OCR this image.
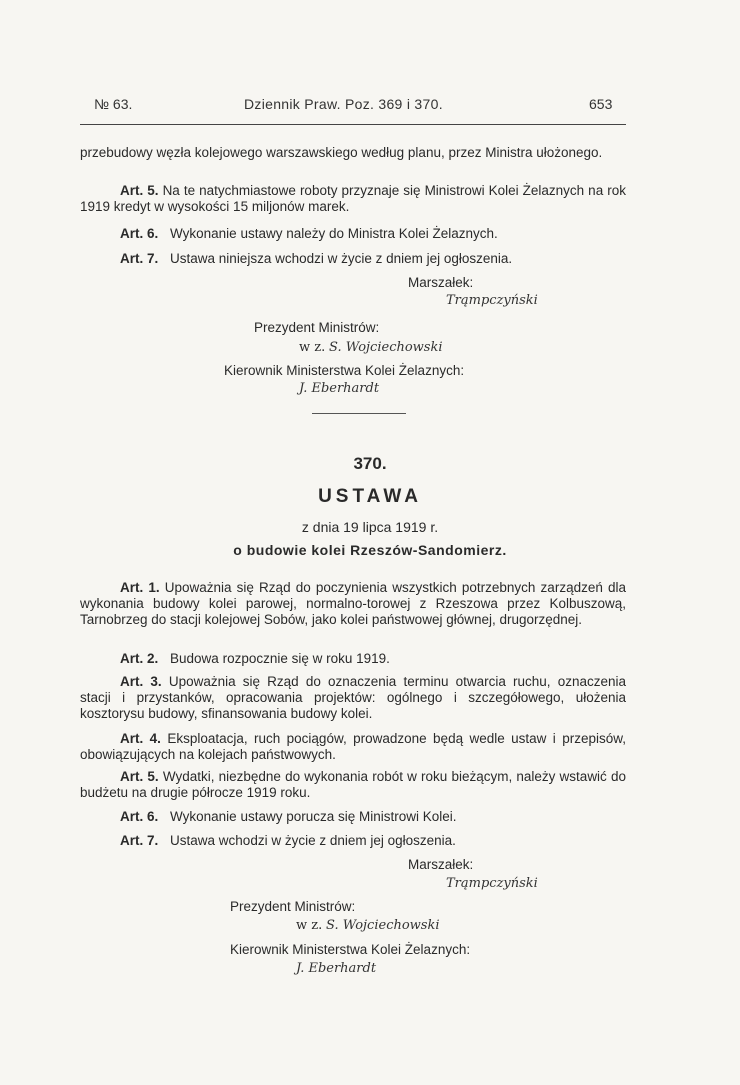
№ 63.	Dziennik Praw. Poz. 369 i 370.	653
przebudowy węzła kolejowego warszawskiego według planu, przez Ministra ułożonego.
Art. 5. Na te natychmiastowe roboty przyznaje się Ministrowi Kolei Żelaznych na rok 1919 kredyt w wysokości 15 miljonów marek.
Art. 6. Wykonanie ustawy należy do Ministra Kolei Żelaznych.
Art. 7. Ustawa niniejsza wchodzi w życie z dniem jej ogłoszenia.
Marszałek:
Trąmpczyński
Prezydent Ministrów:
w z. S. Wojciechowski
Kierownik Ministerstwa Kolei Żelaznych:
J. Eberhardt
370.
USTAWA
z dnia 19 lipca 1919 r.
o budowie kolei Rzeszów-Sandomierz.
Art. 1. Upoważnia się Rząd do poczynienia wszystkich potrzebnych zarządzeń dla wykonania budowy kolei parowej, normalno-torowej z Rzeszowa przez Kolbuszową, Tarnobrzeg do stacji kolejowej Sobów, jako kolei państwowej głównej, drugorzędnej.
Art. 2. Budowa rozpocznie się w roku 1919.
Art. 3. Upoważnia się Rząd do oznaczenia terminu otwarcia ruchu, oznaczenia stacji i przystanków, opracowania projektów: ogólnego i szczegółowego, ułożenia kosztorysu budowy, sfinansowania budowy kolei.
Art. 4. Eksploatacja, ruch pociągów, prowadzone będą wedle ustaw i przepisów, obowiązujących na kolejach państwowych.
Art. 5. Wydatki, niezbędne do wykonania robót w roku bieżącym, należy wstawić do budżetu na drugie półrocze 1919 roku.
Art. 6. Wykonanie ustawy porucza się Ministrowi Kolei.
Art. 7. Ustawa wchodzi w życie z dniem jej ogłoszenia.
Marszałek:
Trąmpczyński
Prezydent Ministrów:
w z. S. Wojciechowski
Kierownik Ministerstwa Kolei Żelaznych:
J. Eberhardt
